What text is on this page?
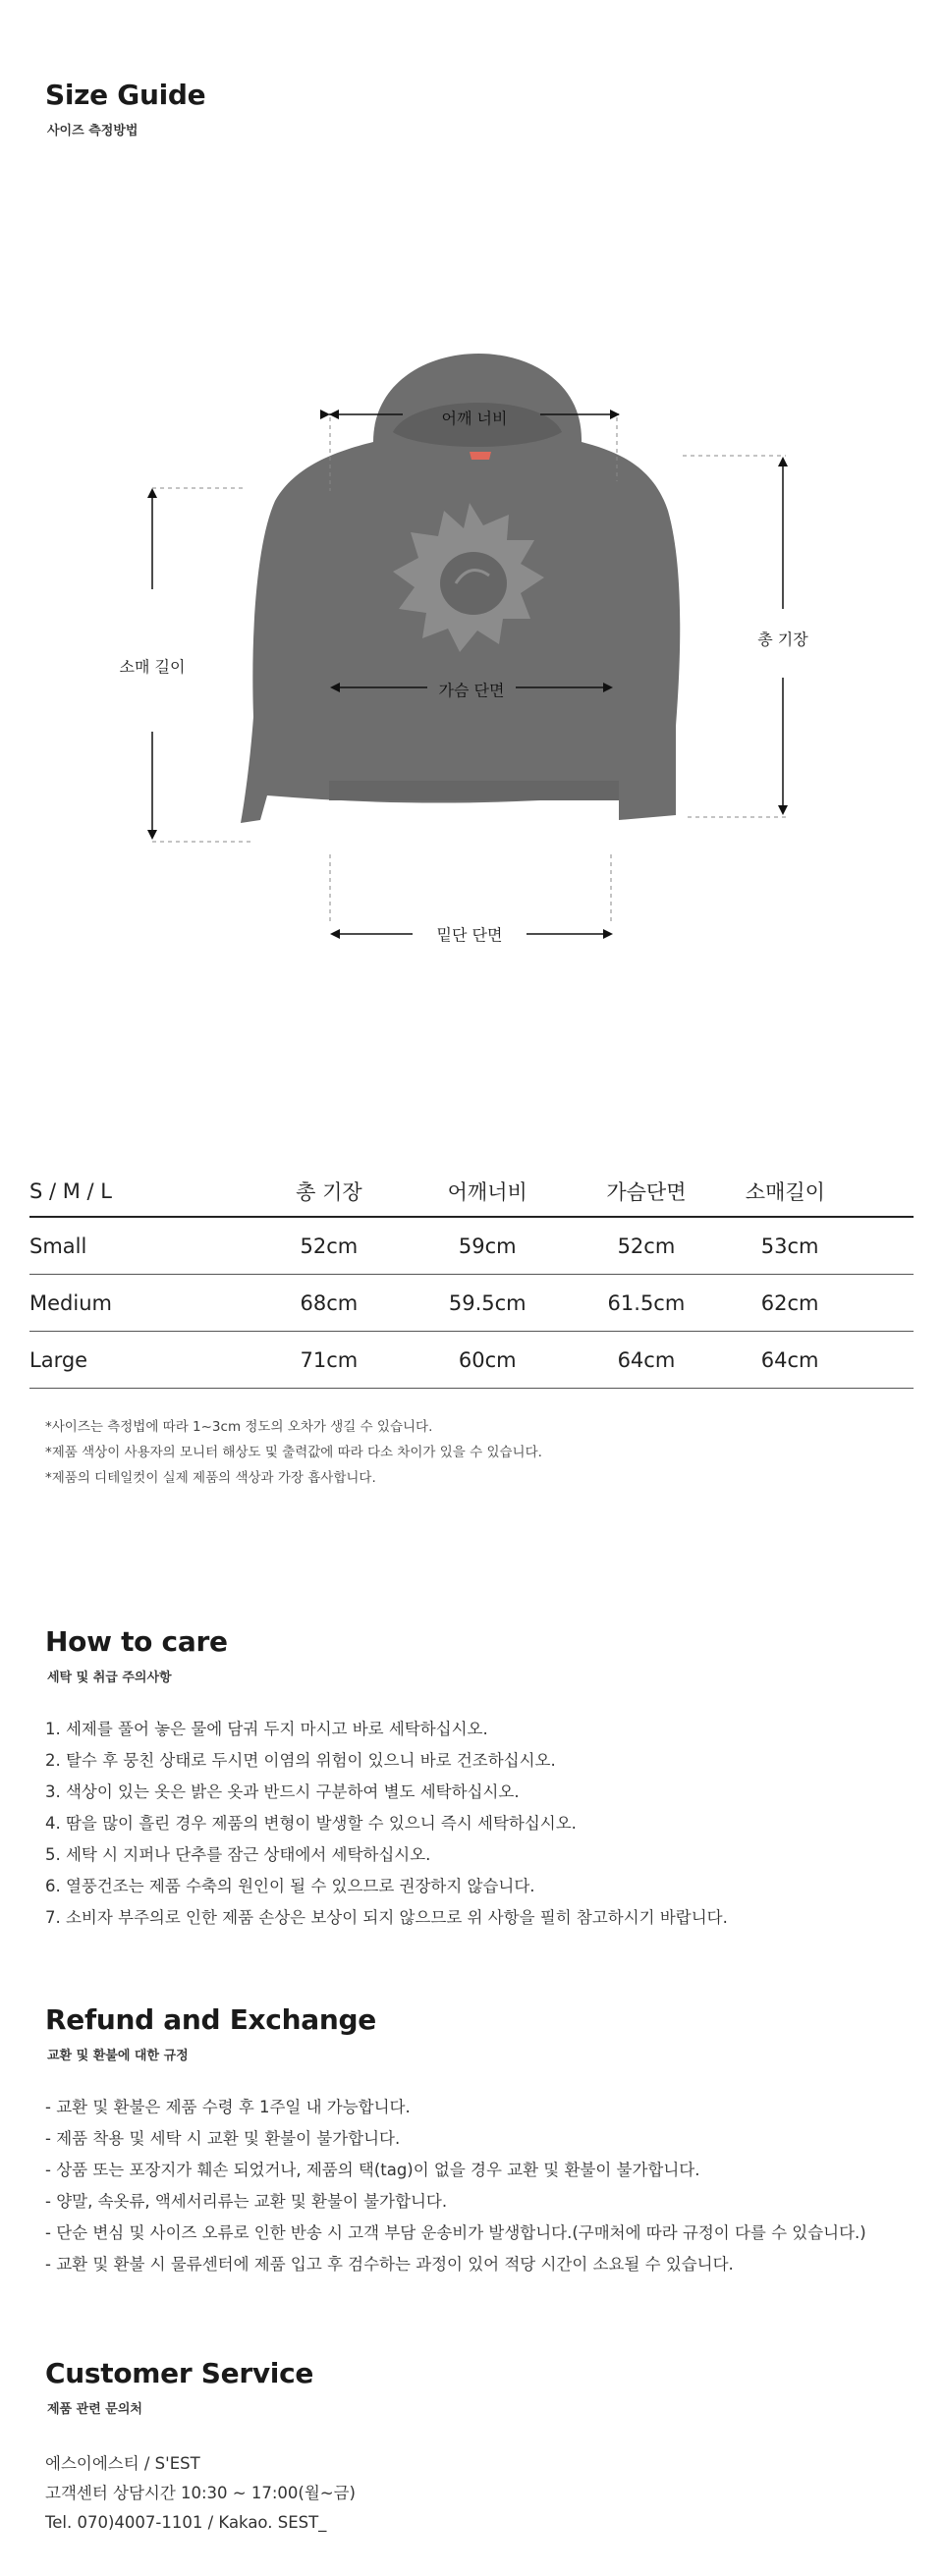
Size Guide
사이즈 측정방법
어깨 너비
가슴 단면
소매 길이
총 기장
밑단 단면
S / M / L	총 기장	어깨너비	가슴단면	소매길이
Small	52cm	59cm	52cm	53cm
Medium	68cm	59.5cm	61.5cm	62cm
Large	71cm	60cm	64cm	64cm
*사이즈는 측정법에 따라 1~3cm 정도의 오차가 생길 수 있습니다.
*제품 색상이 사용자의 모니터 해상도 및 출력값에 따라 다소 차이가 있을 수 있습니다.
*제품의 디테일컷이 실제 제품의 색상과 가장 흡사합니다.
How to care
세탁 및 취급 주의사항
1. 세제를 풀어 놓은 물에 담궈 두지 마시고 바로 세탁하십시오.
2. 탈수 후 뭉친 상태로 두시면 이염의 위험이 있으니 바로 건조하십시오.
3. 색상이 있는 옷은 밝은 옷과 반드시 구분하여 별도 세탁하십시오.
4. 땀을 많이 흘린 경우 제품의 변형이 발생할 수 있으니 즉시 세탁하십시오.
5. 세탁 시 지퍼나 단추를 잠근 상태에서 세탁하십시오.
6. 열풍건조는 제품 수축의 원인이 될 수 있으므로 권장하지 않습니다.
7. 소비자 부주의로 인한 제품 손상은 보상이 되지 않으므로 위 사항을 필히 참고하시기 바랍니다.
Refund and Exchange
교환 및 환불에 대한 규정
- 교환 및 환불은 제품 수령 후 1주일 내 가능합니다.
- 제품 착용 및 세탁 시 교환 및 환불이 불가합니다.
- 상품 또는 포장지가 훼손 되었거나, 제품의 택(tag)이 없을 경우 교환 및 환불이 불가합니다.
- 양말, 속옷류, 액세서리류는 교환 및 환불이 불가합니다.
- 단순 변심 및 사이즈 오류로 인한 반송 시 고객 부담 운송비가 발생합니다.(구매처에 따라 규정이 다를 수 있습니다.)
- 교환 및 환불 시 물류센터에 제품 입고 후 검수하는 과정이 있어 적당 시간이 소요될 수 있습니다.
Customer Service
제품 관련 문의처
에스이에스티 / S'EST
고객센터 상담시간 10:30 ~ 17:00(월~금)
Tel. 070)4007-1101 / Kakao. SEST_
